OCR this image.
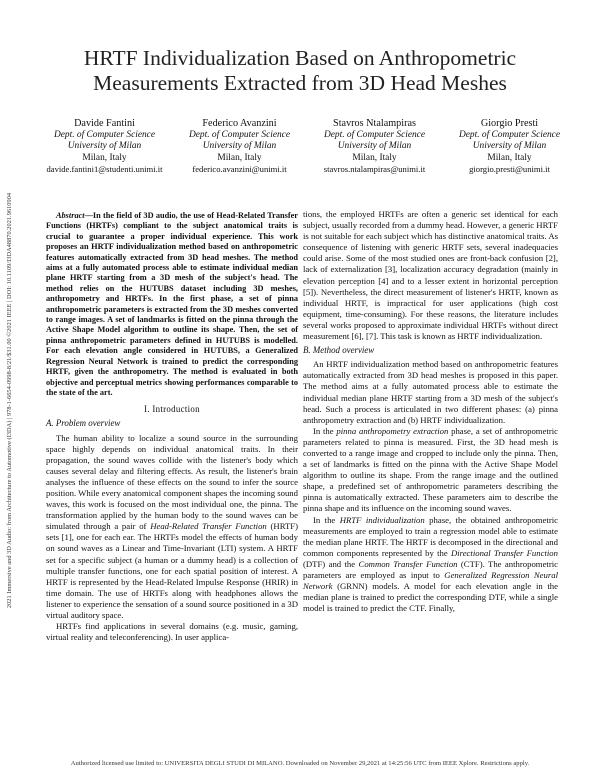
2021 Immersive and 3D Audio: from Architecture to Automotive (I3DA) | 978-1-6654-0998-8/21/$31.00 ©2021 IEEE | DOI: 10.1109/I3DA48870.2021.9610904
HRTF Individualization Based on Anthropometric
Measurements Extracted from 3D Head Meshes
Davide Fantini
Dept. of Computer Science
University of Milan
Milan, Italy
davide.fantini1@studenti.unimi.it
Federico Avanzini
Dept. of Computer Science
University of Milan
Milan, Italy
federico.avanzini@unimi.it
Stavros Ntalampiras
Dept. of Computer Science
University of Milan
Milan, Italy
stavros.ntalampiras@unimi.it
Giorgio Presti
Dept. of Computer Science
University of Milan
Milan, Italy
giorgio.presti@unimi.it

Abstract—In the field of 3D audio, the use of Head-Related Transfer Functions (HRTFs) compliant to the subject anatomical traits is crucial to guarantee a proper individual experience. This work proposes an HRTF individualization method based on anthropometric features automatically extracted from 3D head meshes. The method aims at a fully automated process able to estimate individual median plane HRTF starting from a 3D mesh of the subject's head. The method relies on the HUTUBS dataset including 3D meshes, anthropometry and HRTFs. In the first phase, a set of pinna anthropometric parameters is extracted from the 3D meshes converted to range images. A set of landmarks is fitted on the pinna through the Active Shape Model algorithm to outline its shape. Then, the set of pinna anthropometric parameters defined in HUTUBS is modelled. For each elevation angle considered in HUTUBS, a Generalized Regression Neural Network is trained to predict the corresponding HRTF, given the anthropometry. The method is evaluated in both objective and perceptual metrics showing performances comparable to the state of the art.

I. Introduction
A. Problem overview

The human ability to localize a sound source in the surrounding space highly depends on individual anatomical traits. In their propagation, the sound waves collide with the listener's body which causes several delay and filtering effects. As result, the listener's brain analyses the influence of these effects on the sound to infer the source position. While every anatomical component shapes the incoming sound waves, this work is focused on the most individual one, the pinna. The transformation applied by the human body to the sound waves can be simulated through a pair of Head-Related Transfer Function (HRTF) sets [1], one for each ear. The HRTFs model the effects of human body on sound waves as a Linear and Time-Invariant (LTI) system. A HRTF set for a specific subject (a human or a dummy head) is a collection of multiple transfer functions, one for each spatial position of interest. A HRTF is represented by the Head-Related Impulse Response (HRIR) in time domain. The use of HRTFs along with headphones allows the listener to experience the sensation of a sound source positioned in a 3D virtual auditory space.

HRTFs find applications in several domains (e.g. music, gaming, virtual reality and teleconferencing). In user applica-

tions, the employed HRTFs are often a generic set identical for each subject, usually recorded from a dummy head. However, a generic HRTF is not suitable for each subject which has distinctive anatomical traits. As consequence of listening with generic HRTF sets, several inadequacies could arise. Some of the most studied ones are front-back confusion [2], lack of externalization [3], localization accuracy degradation (mainly in elevation perception [4] and to a lesser extent in horizontal perception [5]). Nevertheless, the direct measurement of listener's HRTF, known as individual HRTF, is impractical for user applications (high cost equipment, time-consuming). For these reasons, the literature includes several works proposed to approximate individual HRTFs without direct measurement [6], [7]. This task is known as HRTF individualization.

B. Method overview

An HRTF individualization method based on anthropometric features automatically extracted from 3D head meshes is proposed in this paper. The method aims at a fully automated process able to estimate the individual median plane HRTF starting from a 3D mesh of the subject's head. Such a process is articulated in two different phases: (a) pinna anthropometry extraction and (b) HRTF individualization.

In the pinna anthropometry extraction phase, a set of anthropometric parameters related to pinna is measured. First, the 3D head mesh is converted to a range image and cropped to include only the pinna. Then, a set of landmarks is fitted on the pinna with the Active Shape Model algorithm to outline its shape. From the range image and the outlined shape, a predefined set of anthropometric parameters describing the pinna is automatically extracted. These parameters aim to describe the pinna shape and its influence on the incoming sound waves.

In the HRTF individualization phase, the obtained anthropometric measurements are employed to train a regression model able to estimate the median plane HRTF. The HRTF is decomposed in the directional and common components represented by the Directional Transfer Function (DTF) and the Common Transfer Function (CTF). The anthropometric parameters are employed as input to Generalized Regression Neural Network (GRNN) models. A model for each elevation angle in the median plane is trained to predict the corresponding DTF, while a single model is trained to predict the CTF. Finally,

Authorized licensed use limited to: UNIVERSITA DEGLI STUDI DI MILANO. Downloaded on November 29,2021 at 14:25:56 UTC from IEEE Xplore. Restrictions apply.
